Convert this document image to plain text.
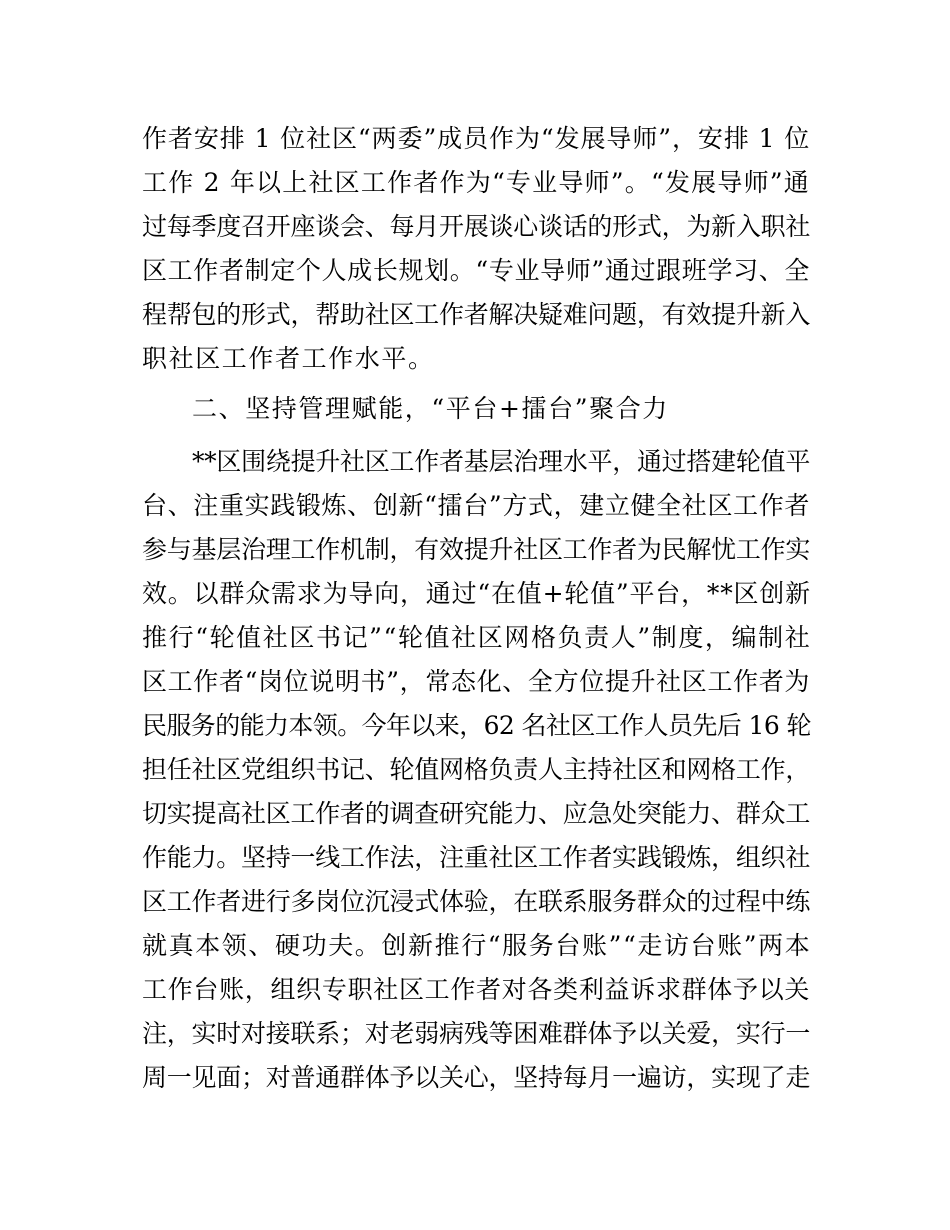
作者安排 1 位社区“两委”成员作为“发展导师”，安排 1 位
工作 2 年以上社区工作者作为“专业导师”。“发展导师”通
过每季度召开座谈会、每月开展谈心谈话的形式，为新入职社
区工作者制定个人成长规划。“专业导师”通过跟班学习、全
程帮包的形式，帮助社区工作者解决疑难问题，有效提升新入
职社区工作者工作水平。
二、坚持管理赋能，“平台+擂台”聚合力
**区围绕提升社区工作者基层治理水平，通过搭建轮值平
台、注重实践锻炼、创新“擂台”方式，建立健全社区工作者
参与基层治理工作机制，有效提升社区工作者为民解忧工作实
效。以群众需求为导向，通过“在值+轮值”平台，**区创新
推行“轮值社区书记”“轮值社区网格负责人”制度，编制社
区工作者“岗位说明书”，常态化、全方位提升社区工作者为
民服务的能力本领。今年以来，62 名社区工作人员先后 16 轮
担任社区党组织书记、轮值网格负责人主持社区和网格工作，
切实提高社区工作者的调查研究能力、应急处突能力、群众工
作能力。坚持一线工作法，注重社区工作者实践锻炼，组织社
区工作者进行多岗位沉浸式体验，在联系服务群众的过程中练
就真本领、硬功夫。创新推行“服务台账”“走访台账”两本
工作台账，组织专职社区工作者对各类利益诉求群体予以关
注，实时对接联系；对老弱病残等困难群体予以关爱，实行一
周一见面；对普通群体予以关心，坚持每月一遍访，实现了走
